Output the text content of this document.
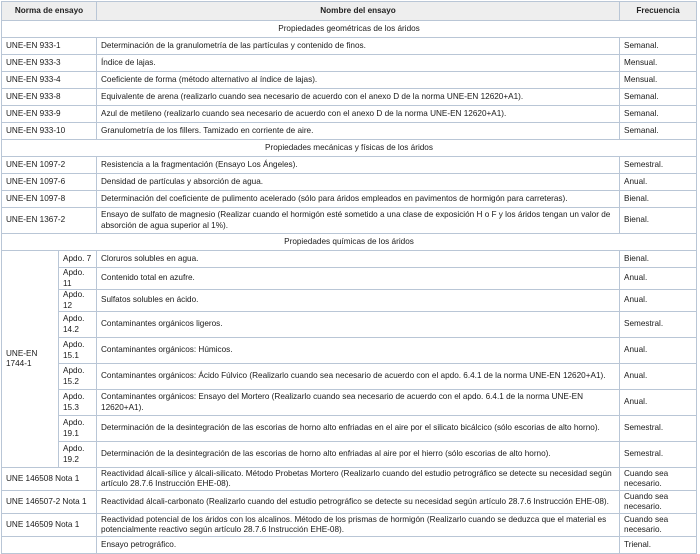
Norma de ensayo		Nombre del ensayo	Frecuencia
Propiedades geométricas de los áridos			
UNE-EN 933-1		Determinación de la granulometría de las partículas y contenido de finos.	Semanal.
UNE-EN 933-3		Índice de lajas.	Mensual.
UNE-EN 933-4		Coeficiente de forma (método alternativo al índice de lajas).	Mensual.
UNE-EN 933-8		Equivalente de arena (realizarlo cuando sea necesario de acuerdo con el anexo D de la norma UNE-EN 12620+A1).	Semanal.
UNE-EN 933-9		Azul de metileno (realizarlo cuando sea necesario de acuerdo con el anexo D de la norma UNE-EN 12620+A1).	Semanal.
UNE-EN 933-10		Granulometría de los fillers. Tamizado en corriente de aire.	Semanal.
Propiedades mecánicas y físicas de los áridos			
UNE-EN 1097-2		Resistencia a la fragmentación (Ensayo Los Ángeles).	Semestral.
UNE-EN 1097-6		Densidad de partículas y absorción de agua.	Anual.
UNE-EN 1097-8		Determinación del coeficiente de pulimento acelerado (sólo para áridos empleados en pavimentos de hormigón para carreteras).	Bienal.
UNE-EN 1367-2		Ensayo de sulfato de magnesio (Realizar cuando el hormigón esté sometido a una clase de exposición H o F y los áridos tengan un valor de absorción de agua superior al 1%).	Bienal.
Propiedades químicas de los áridos			
UNE-EN 1744-1	Apdo. 7	Cloruros solubles en agua.	Bienal.
	Apdo. 11	Contenido total en azufre.	Anual.
	Apdo. 12	Sulfatos solubles en ácido.	Anual.
	Apdo. 14.2	Contaminantes orgánicos ligeros.	Semestral.
	Apdo. 15.1	Contaminantes orgánicos: Húmicos.	Anual.
	Apdo. 15.2	Contaminantes orgánicos: Ácido Fúlvico (Realizarlo cuando sea necesario de acuerdo con el apdo. 6.4.1 de la norma UNE-EN 12620+A1).	Anual.
	Apdo. 15.3	Contaminantes orgánicos: Ensayo del Mortero (Realizarlo cuando sea necesario de acuerdo con el apdo. 6.4.1 de la norma UNE-EN 12620+A1).	Anual.
	Apdo. 19.1	Determinación de la desintegración de las escorias de horno alto enfriadas en el aire por el silicato bicálcico (sólo escorias de alto horno).	Semestral.
	Apdo. 19.2	Determinación de la desintegración de las escorias de horno alto enfriadas al aire por el hierro (sólo escorias de alto horno).	Semestral.
UNE 146508 Nota 1		Reactividad álcali-sílice y álcali-silicato. Método Probetas Mortero (Realizarlo cuando del estudio petrográfico se detecte su necesidad según artículo 28.7.6 Instrucción EHE-08).	Cuando sea necesario.
UNE 146507-2 Nota 1		Reactividad álcali-carbonato (Realizarlo cuando del estudio petrográfico se detecte su necesidad según artículo 28.7.6 Instrucción EHE-08).	Cuando sea necesario.
UNE 146509 Nota 1		Reactividad potencial de los áridos con los alcalinos. Método de los prismas de hormigón (Realizarlo cuando se deduzca que el material es potencialmente reactivo según artículo 28.7.6 Instrucción EHE-08).	Cuando sea necesario.
		Ensayo petrográfico.	Trienal.
